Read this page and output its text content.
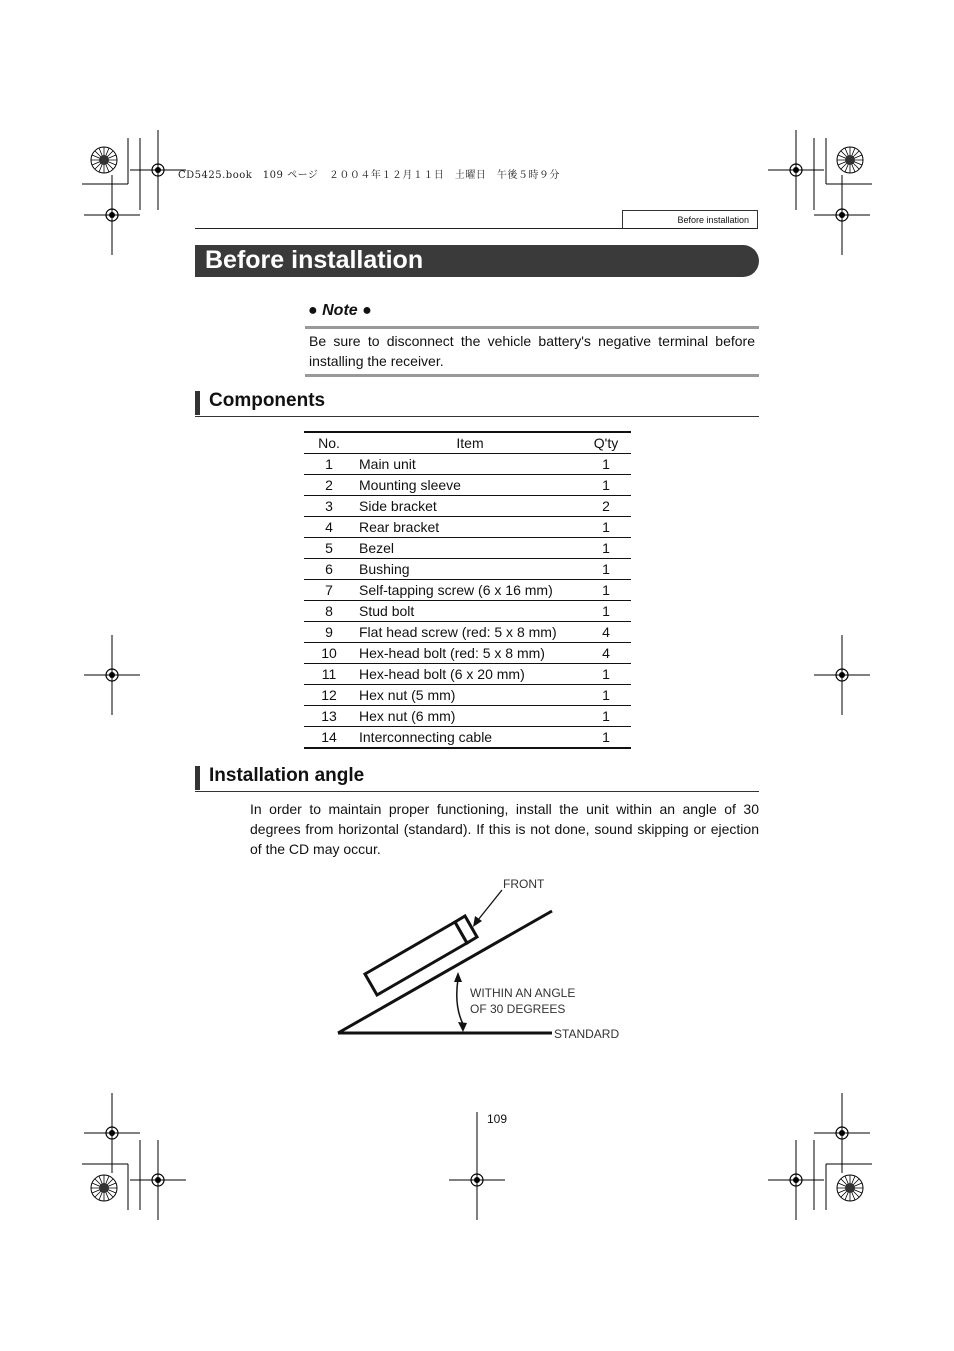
CD5425.book　109 ページ　２００４年１２月１１日　土曜日　午後５時９分
Before installation
Before installation
● Note ●
Be sure to disconnect the vehicle battery's negative terminal before installing the receiver.
Components
No.	Item	Q'ty
1	Main unit	1
2	Mounting sleeve	1
3	Side bracket	2
4	Rear bracket	1
5	Bezel	1
6	Bushing	1
7	Self-tapping screw (6 x 16 mm)	1
8	Stud bolt	1
9	Flat head screw (red: 5 x 8 mm)	4
10	Hex-head bolt (red: 5 x 8 mm)	4
11	Hex-head bolt (6 x 20 mm)	1
12	Hex nut (5 mm)	1
13	Hex nut (6 mm)	1
14	Interconnecting cable	1
Installation angle
In order to maintain proper functioning, install the unit within an angle of 30 degrees from horizontal (standard). If this is not done, sound skipping or ejection of the CD may occur.
FRONT
WITHIN AN ANGLE
OF 30 DEGREES
STANDARD
109
